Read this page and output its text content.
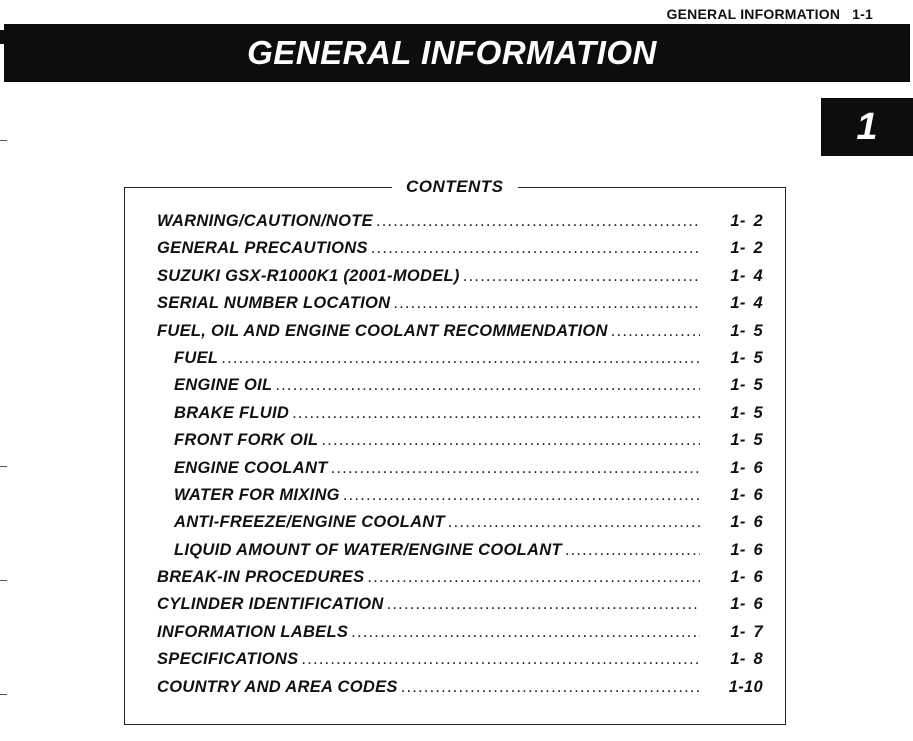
GENERAL INFORMATION 1-1
GENERAL INFORMATION
1
CONTENTS
WARNING/CAUTION/NOTE .....	1- 2
GENERAL PRECAUTIONS .....	1- 2
SUZUKI GSX-R1000K1 (2001-MODEL) .....	1- 4
SERIAL NUMBER LOCATION .....	1- 4
FUEL, OIL AND ENGINE COOLANT RECOMMENDATION .....	1- 5
FUEL .....	1- 5
ENGINE OIL .....	1- 5
BRAKE FLUID .....	1- 5
FRONT FORK OIL .....	1- 5
ENGINE COOLANT .....	1- 6
WATER FOR MIXING .....	1- 6
ANTI-FREEZE/ENGINE COOLANT .....	1- 6
LIQUID AMOUNT OF WATER/ENGINE COOLANT .....	1- 6
BREAK-IN PROCEDURES .....	1- 6
CYLINDER IDENTIFICATION .....	1- 6
INFORMATION LABELS .....	1- 7
SPECIFICATIONS .....	1- 8
COUNTRY AND AREA CODES .....	1-10
